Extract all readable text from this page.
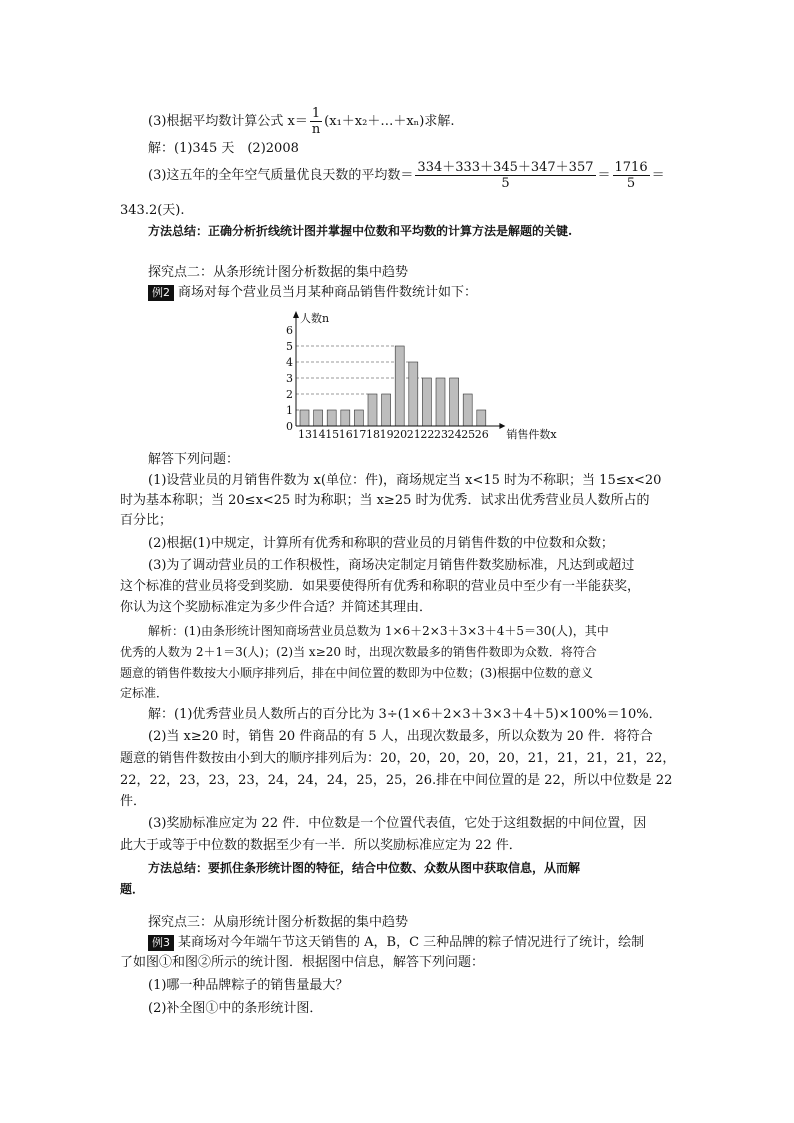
(3)根据平均数计算公式 $x= \frac{1}{n}$ (x₁＋x₂＋…＋xₙ)求解.
解：(1)345 天　(2)2008
(3)这五年的全年空气质量优良天数的平均数＝ $\frac{334+333+345+347+357}{5} = \frac{1716}{5}$ ＝
343.2(天).
方法总结：正确分析折线统计图并掌握中位数和平均数的计算方法是解题的关键.
探究点二：从条形统计图分析数据的集中趋势
例2 商场对每个营业员当月某种商品销售件数统计如下：
0
1
2
3
4
5
6
13 14 15 16 17 18 19 20 21 22 23 24 25 26
人数n
销售件数x
解答下列问题：
(1)设营业员的月销售件数为 x(单位：件)，商场规定当 x<15 时为不称职；当 15≤x<20
时为基本称职；当 20≤x<25 时为称职；当 x≥25 时为优秀．试求出优秀营业员人数所占的
百分比；
(2)根据(1)中规定，计算所有优秀和称职的营业员的月销售件数的中位数和众数；
(3)为了调动营业员的工作积极性，商场决定制定月销售件数奖励标准，凡达到或超过
这个标准的营业员将受到奖励．如果要使得所有优秀和称职的营业员中至少有一半能获奖，
你认为这个奖励标准定为多少件合适？并简述其理由．
解析：(1)由条形统计图知商场营业员总数为 1×6＋2×3＋3×3＋4＋5＝30(人)，其中
优秀的人数为 2＋1＝3(人)；(2)当 x≥20 时，出现次数最多的销售件数即为众数．将符合
题意的销售件数按大小顺序排列后，排在中间位置的数即为中位数；(3)根据中位数的意义
定标准．
解：(1)优秀营业员人数所占的百分比为 3÷(1×6＋2×3＋3×3＋4＋5)×100%＝10%．
(2)当 x≥20 时，销售 20 件商品的有 5 人，出现次数最多，所以众数为 20 件．将符合
题意的销售件数按由小到大的顺序排列后为：20，20，20，20，20，21，21，21，21，22，
22，22，23，23，23，24，24，24，25，25，26.排在中间位置的是 22，所以中位数是 22
件．
(3)奖励标准应定为 22 件．中位数是一个位置代表值，它处于这组数据的中间位置，因
此大于或等于中位数的数据至少有一半．所以奖励标准应定为 22 件．
方法总结：要抓住条形统计图的特征，结合中位数、众数从图中获取信息，从而解
题．
探究点三：从扇形统计图分析数据的集中趋势
例3 某商场对今年端午节这天销售的 A，B，C 三种品牌的粽子情况进行了统计，绘制
了如图①和图②所示的统计图．根据图中信息，解答下列问题：
(1)哪一种品牌粽子的销售量最大？
(2)补全图①中的条形统计图．
